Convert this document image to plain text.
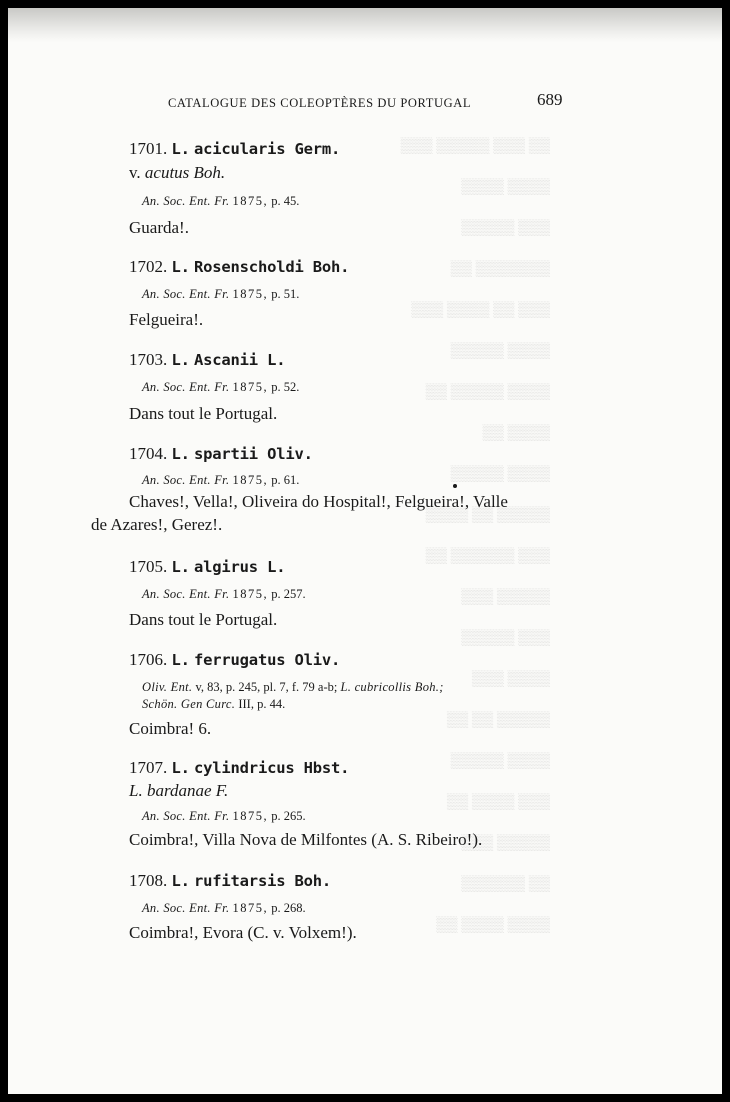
▒▒ ▒▒▒ ▒▒▒▒▒ ▒▒▒
▒▒▒▒ ▒▒▒▒
▒▒▒ ▒▒▒▒▒
▒▒▒▒▒▒▒ ▒▒
▒▒▒ ▒▒ ▒▒▒▒ ▒▒▒
▒▒▒▒ ▒▒▒▒▒
▒▒▒▒ ▒▒▒▒▒ ▒▒
▒▒▒▒ ▒▒
▒▒▒▒ ▒▒▒▒▒
▒▒▒▒▒ ▒▒ ▒▒▒▒
▒▒▒ ▒▒▒▒▒▒ ▒▒
▒▒▒▒▒ ▒▒▒
▒▒▒ ▒▒▒▒▒
▒▒▒▒ ▒▒▒
▒▒▒▒▒ ▒▒ ▒▒
▒▒▒▒ ▒▒▒▒▒
▒▒▒ ▒▒▒▒ ▒▒
▒▒▒▒▒ ▒▒▒
▒▒ ▒▒▒▒▒▒
▒▒▒▒ ▒▒▒▒ ▒▒
CATALOGUE DES COLEOPTÈRES DU PORTUGAL	689
1701. L. acicularis Germ.
v. acutus Boh.
An. Soc. Ent. Fr. 1875, p. 45.
Guarda!.
1702. L. Rosenscholdi Boh.
An. Soc. Ent. Fr. 1875, p. 51.
Felgueira!.
1703. L. Ascanii L.
An. Soc. Ent. Fr. 1875, p. 52.
Dans tout le Portugal.
1704. L. spartii Oliv.
An. Soc. Ent. Fr. 1875, p. 61.
Chaves!, Vella!, Oliveira do Hospital!, Felgueira!, Valle
de Azares!, Gerez!.
1705. L. algirus L.
An. Soc. Ent. Fr. 1875, p. 257.
Dans tout le Portugal.
1706. L. ferrugatus Oliv.
Oliv. Ent. v, 83, p. 245, pl. 7, f. 79 a-b; L. cubricollis Boh.;
Schön. Gen Curc. III, p. 44.
Coimbra! 6.
1707. L. cylindricus Hbst.
L. bardanae F.
An. Soc. Ent. Fr. 1875, p. 265.
Coimbra!, Villa Nova de Milfontes (A. S. Ribeiro!).
1708. L. rufitarsis Boh.
An. Soc. Ent. Fr. 1875, p. 268.
Coimbra!, Evora (C. v. Volxem!).
